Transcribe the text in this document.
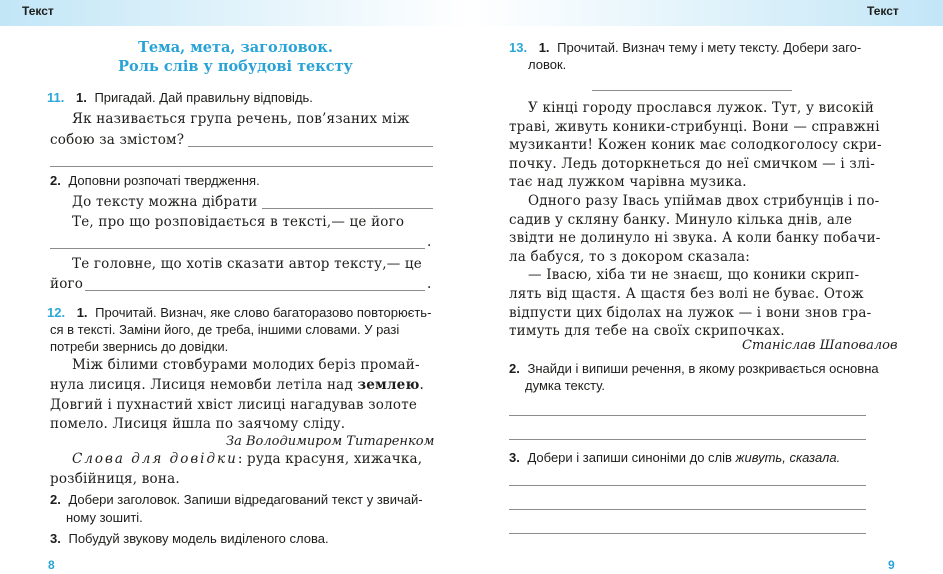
Текст
Тема, мета, заголовок.
Роль слів у побудові тексту
11. 1. Пригадай. Дай правильну відповідь.
Як називається група речень, пов’язаних між
собою за змістом?
2. Доповни розпочаті твердження.
До тексту можна дібрати
Те, про що розповідається в тексті,— це його
.
Те головне, що хотів сказати автор тексту,— це
його	.
12. 1. Прочитай. Визнач, яке слово багаторазово повторюєть-
ся в тексті. Заміни його, де треба, іншими словами. У разі
потреби звернись до довідки.
Між білими стовбурами молодих беріз промай-
нула лисиця. Лисиця немовби летіла над землею.
Довгий і пухнастий хвіст лисиці нагадував золоте
помело. Лисиця йшла по заячому сліду.
За Володимиром Титаренком
Слова для довідки: руда красуня, хижачка,
розбійниця, вона.
2. Добери заголовок. Запиши відредагований текст у звичай-
ному зошиті.
3. Побудуй звукову модель виділеного слова.
8
Текст
13. 1. Прочитай. Визнач тему і мету тексту. Добери заго-
ловок.
У кінці городу прослався лужок. Тут, у високій
траві, живуть коники-стрибунці. Вони — справжні
музиканти! Кожен коник має солодкоголосу скри-
почку. Ледь доторкнеться до неї смичком — і злі-
тає над лужком чарівна музика.
Одного разу Івась упіймав двох стрибунців і по-
садив у скляну банку. Минуло кілька днів, але
звідти не долинуло ні звука. А коли банку побачи-
ла бабуся, то з докором сказала:
— Івасю, хіба ти не знаєш, що коники скрип-
лять від щастя. А щастя без волі не буває. Отож
відпусти цих бідолах на лужок — і вони знов гра-
тимуть для тебе на своїх скрипочках.
Станіслав Шаповалов
2. Знайди і випиши речення, в якому розкривається основна
думка тексту.
3. Добери і запиши синоніми до слів живуть, сказала.
9
